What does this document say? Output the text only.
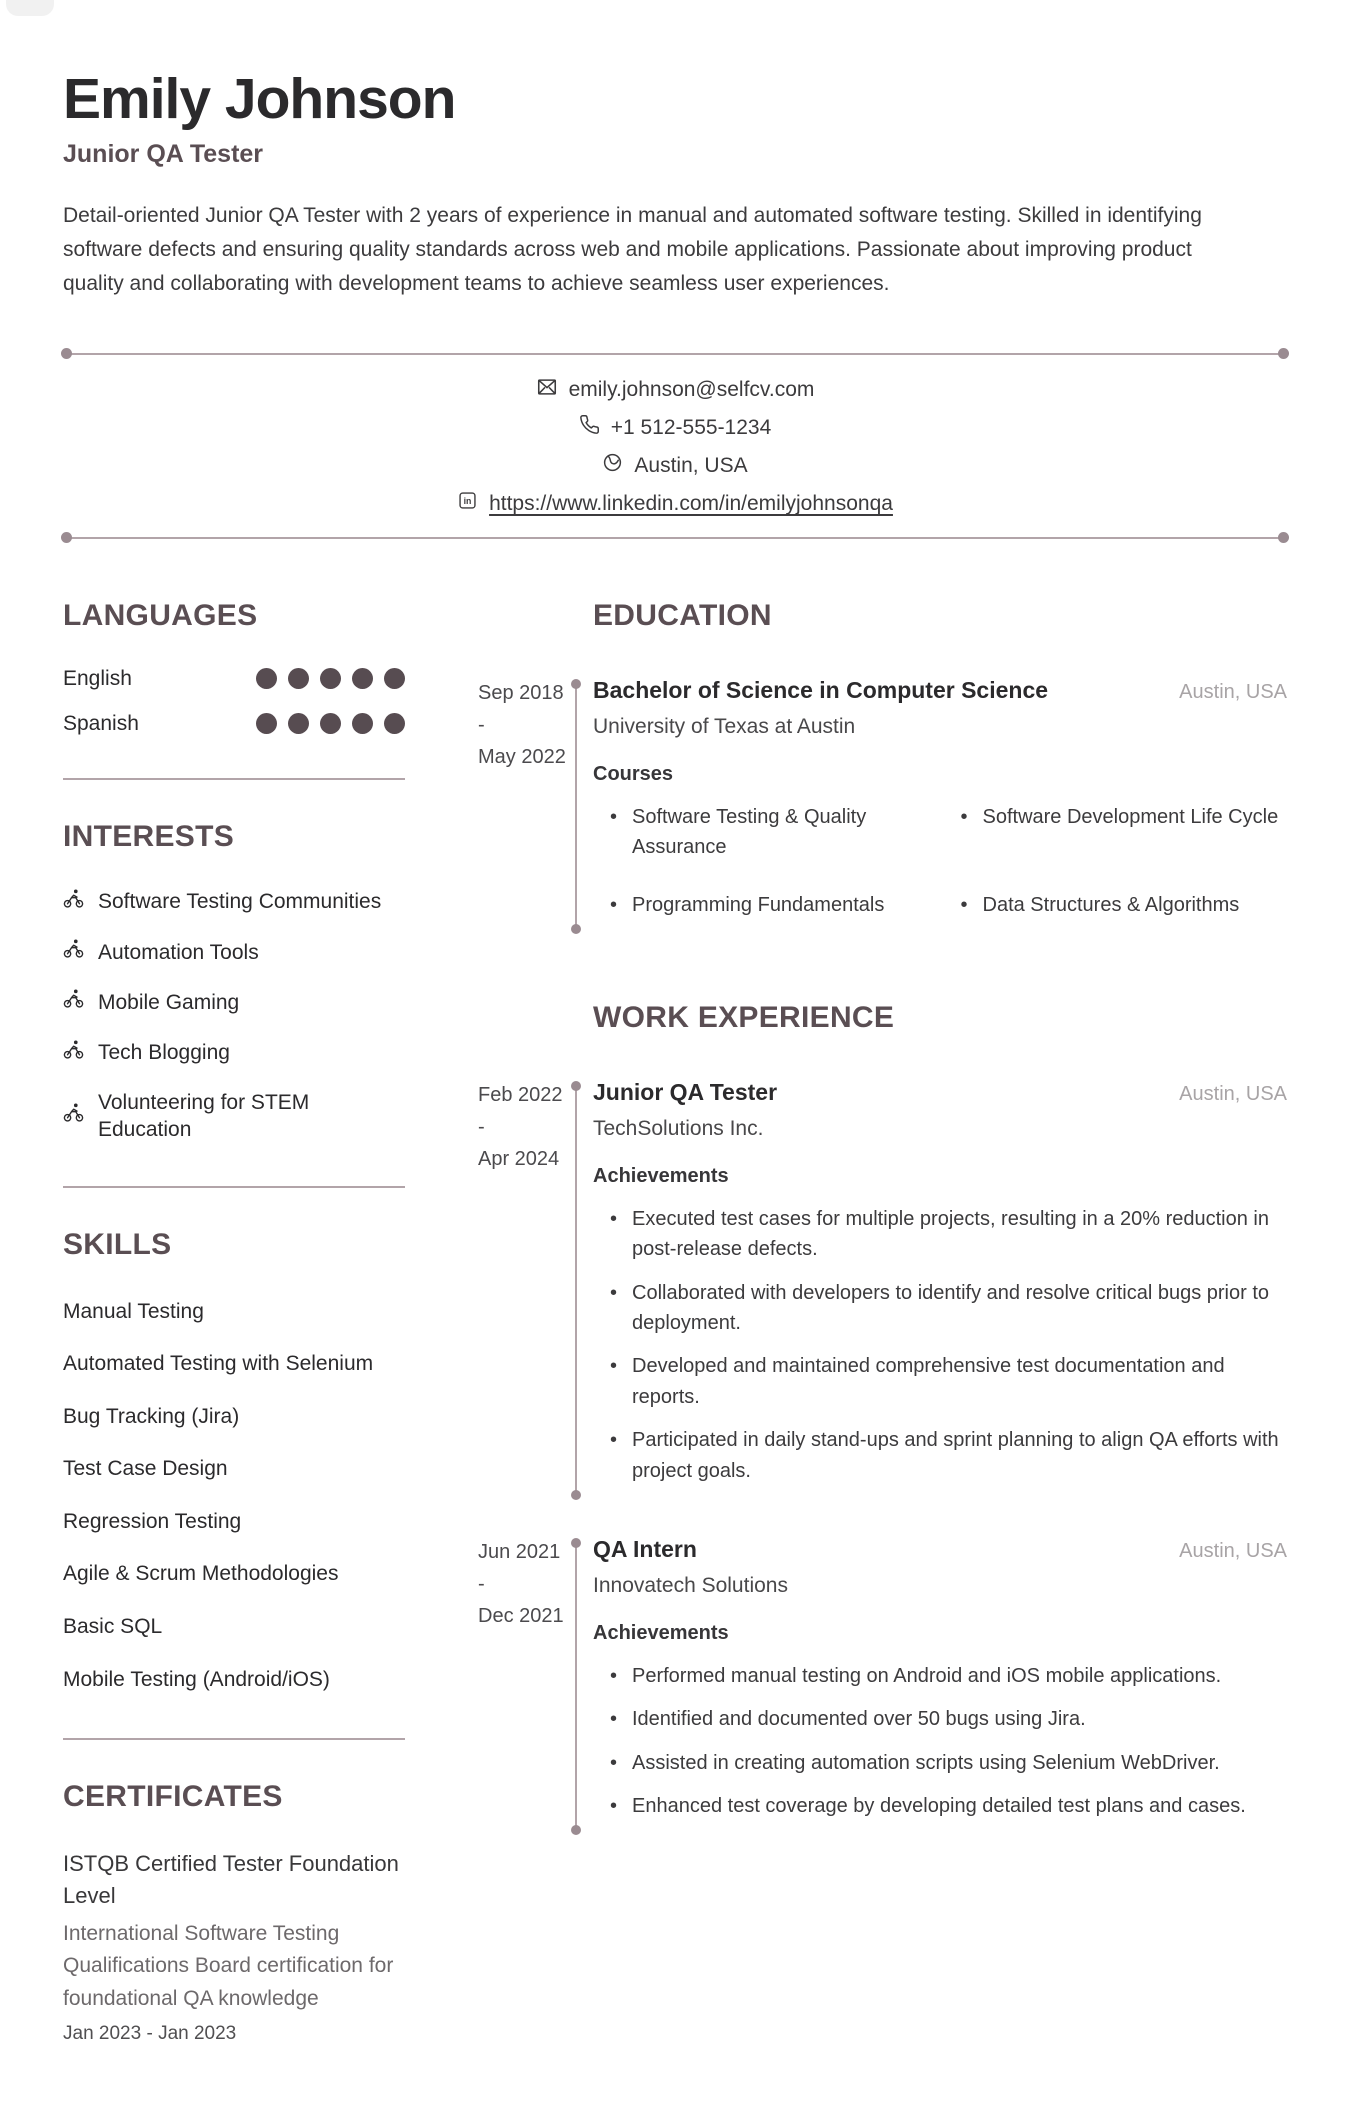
Emily Johnson
Junior QA Tester

Detail-oriented Junior QA Tester with 2 years of experience in manual and automated software testing. Skilled in identifying software defects and ensuring quality standards across web and mobile applications. Passionate about improving product quality and collaborating with development teams to achieve seamless user experiences.

emily.johnson@selfcv.com
+1 512-555-1234
Austin, USA
in https://www.linkedin.com/in/emilyjohnsonqa
LANGUAGES
English
Spanish
INTERESTS
Software Testing Communities
Automation Tools
Mobile Gaming
Tech Blogging
Volunteering for STEM Education
SKILLS
Manual Testing
Automated Testing with Selenium
Bug Tracking (Jira)
Test Case Design
Regression Testing
Agile & Scrum Methodologies
Basic SQL
Mobile Testing (Android/iOS)
CERTIFICATES
ISTQB Certified Tester Foundation Level
International Software Testing Qualifications Board certification for foundational QA knowledge
Jan 2023 - Jan 2023
EDUCATION
Sep 2018
-
May 2022
Bachelor of Science in Computer Science	Austin, USA
University of Texas at Austin
Courses
• Software Testing & Quality Assurance
• Software Development Life Cycle
• Programming Fundamentals	• Data Structures & Algorithms
WORK EXPERIENCE
Feb 2022
-
Apr 2024
Junior QA Tester	Austin, USA
TechSolutions Inc.
Achievements
• Executed test cases for multiple projects, resulting in a 20% reduction in post-release defects.
• Collaborated with developers to identify and resolve critical bugs prior to deployment.
• Developed and maintained comprehensive test documentation and reports.
• Participated in daily stand-ups and sprint planning to align QA efforts with project goals.
Jun 2021
-
Dec 2021
QA Intern	Austin, USA
Innovatech Solutions
Achievements
• Performed manual testing on Android and iOS mobile applications.
• Identified and documented over 50 bugs using Jira.
• Assisted in creating automation scripts using Selenium WebDriver.
• Enhanced test coverage by developing detailed test plans and cases.
